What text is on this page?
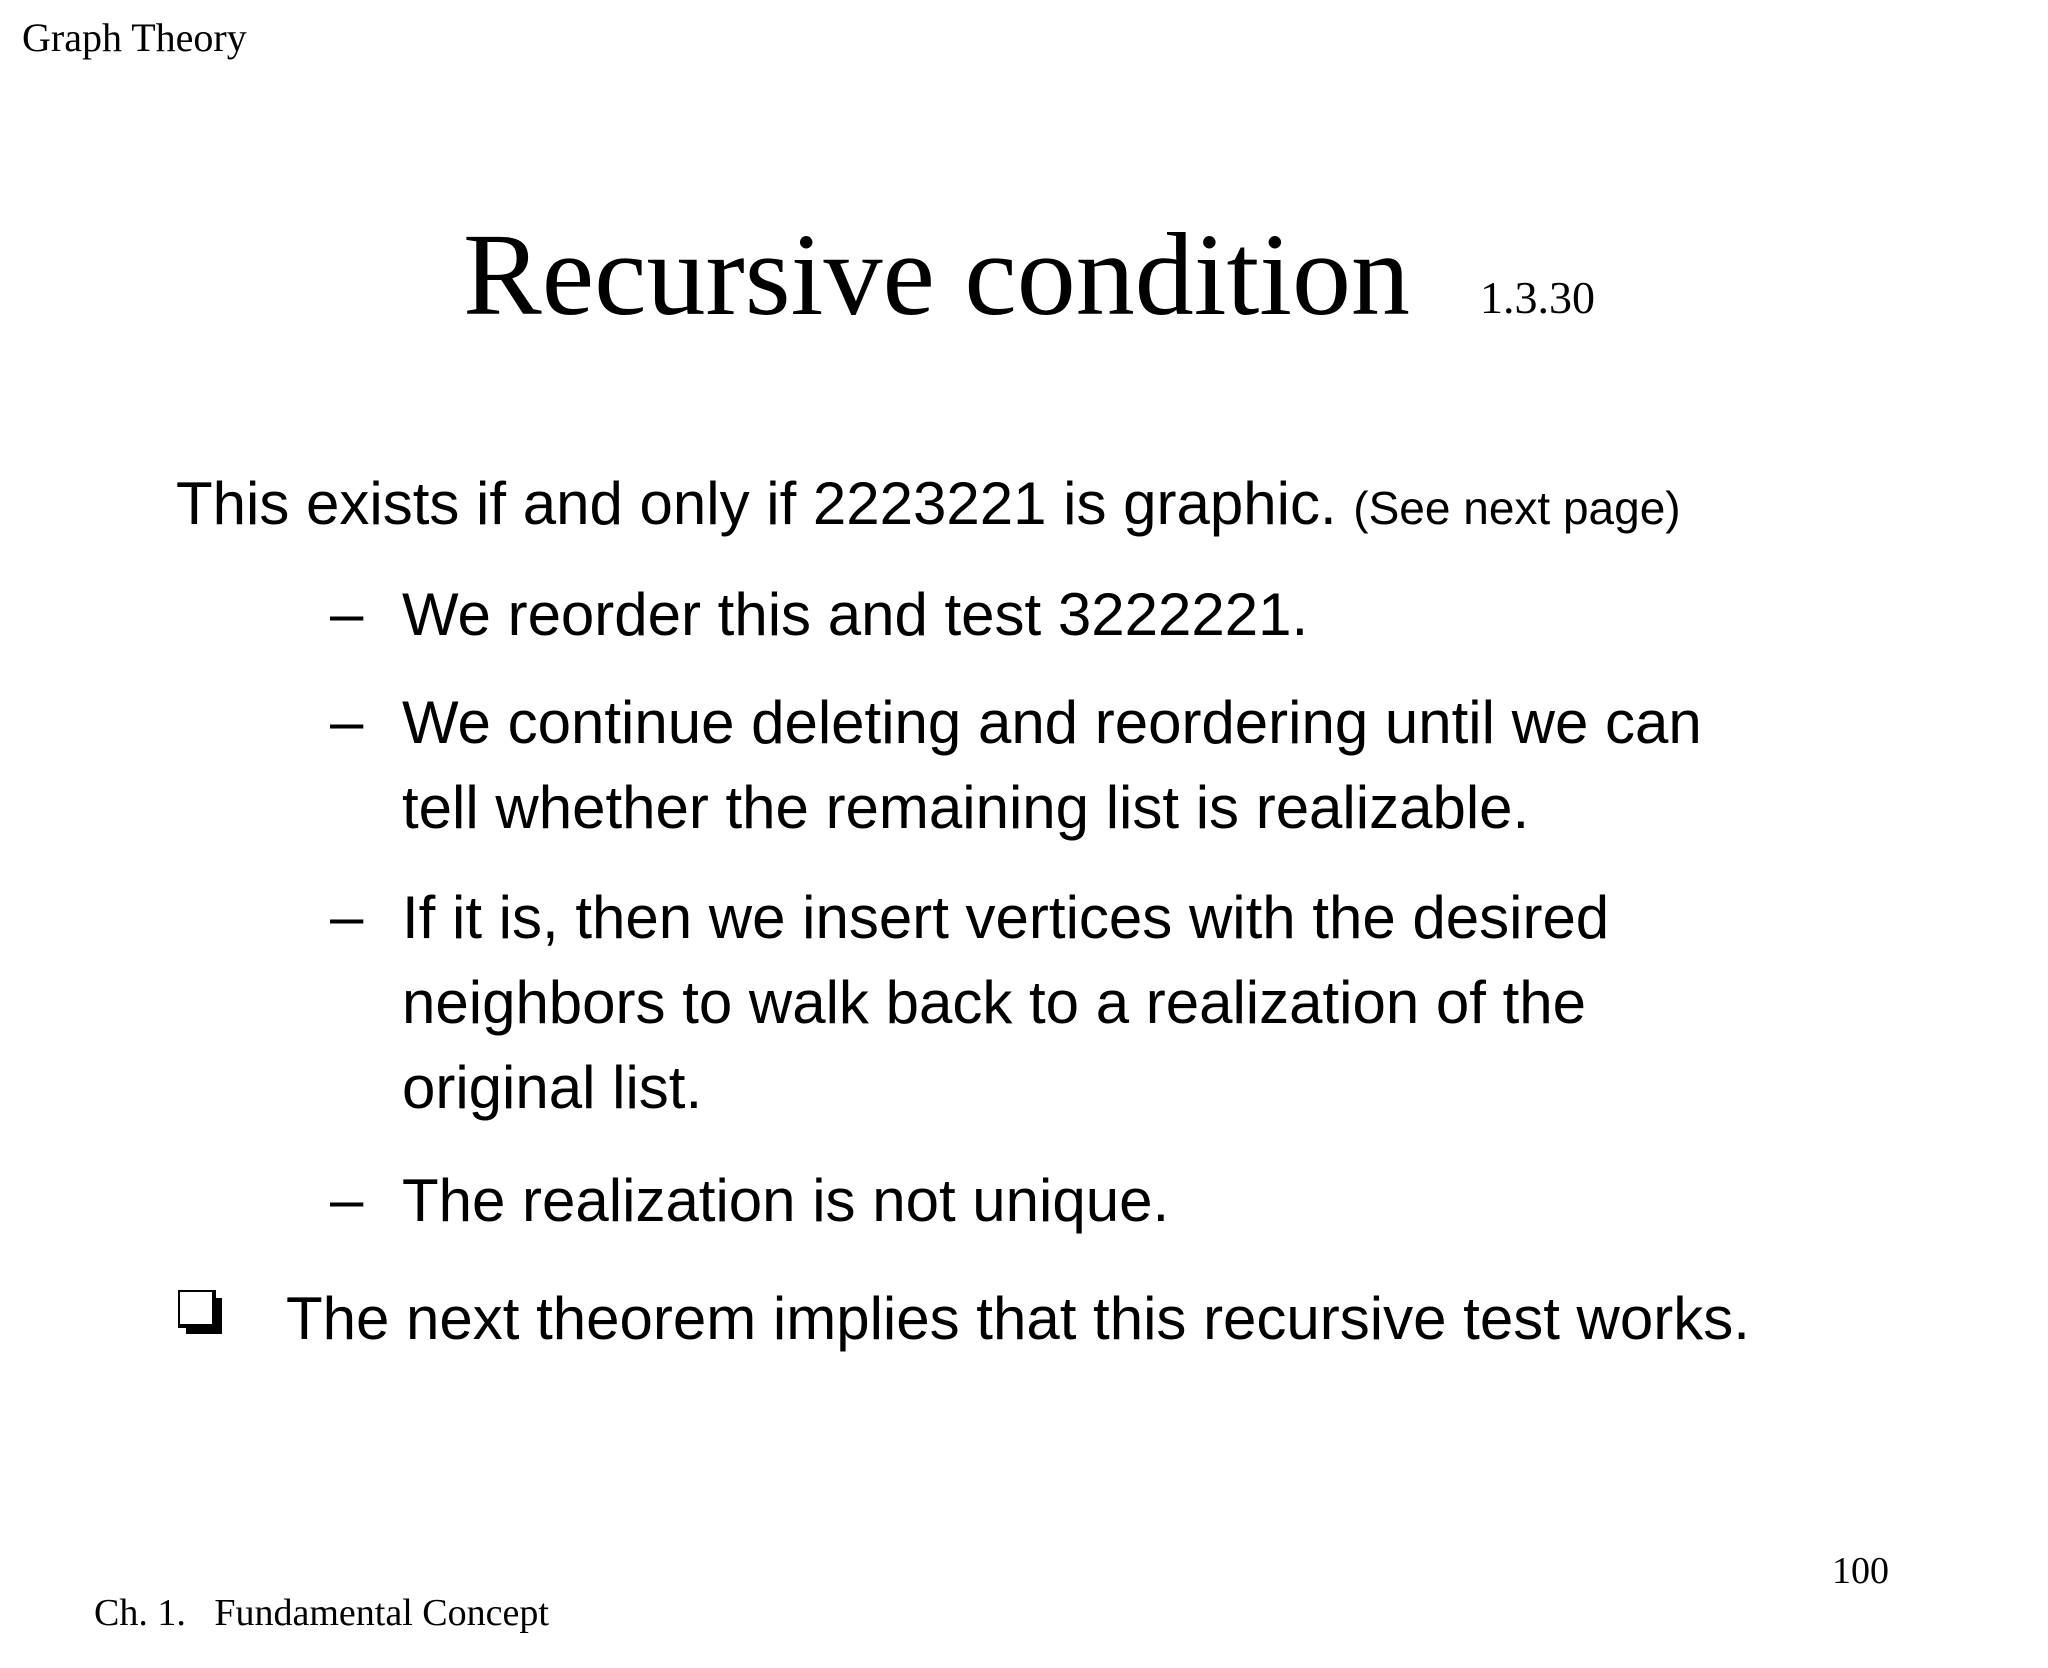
Graph Theory
Recursive condition 1.3.30
This exists if and only if 2223221 is graphic. (See next page)
– We reorder this and test 3222221.
– We continue deleting and reordering until we can
tell whether the remaining list is realizable.
– If it is, then we insert vertices with the desired
neighbors to walk back to a realization of the
original list.
– The realization is not unique.
The next theorem implies that this recursive test works.
100
Ch. 1.   Fundamental Concept
